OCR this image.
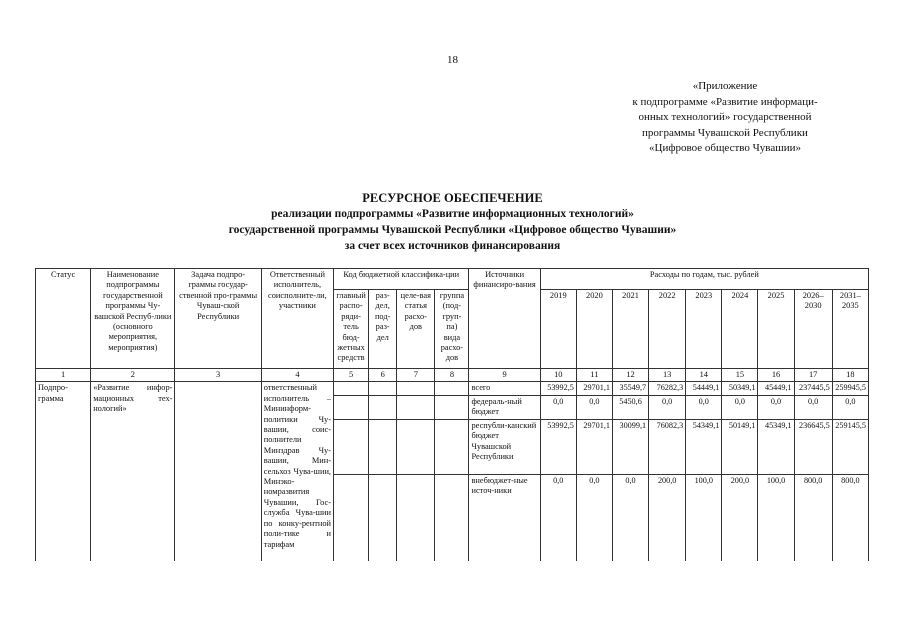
18
«Приложение
к подпрограмме «Развитие информаци-
онных технологий» государственной
программы Чувашской Республики
«Цифровое общество Чувашии»
РЕСУРСНОЕ ОБЕСПЕЧЕНИЕ
реализации подпрограммы «Развитие информационных технологий»
государственной программы Чувашской Республики «Цифровое общество Чувашии»
за счет всех источников финансирования
Статус	Наименование подпрограммы государственной программы Чу-вашской Респуб-лики (основного мероприятия, мероприятия)	Задача подпро-граммы государ-ственной про-граммы Чуваш-ской Республики	Ответственный исполнитель, соисполните-ли, участники	Код бюджетной классифика-ции				Источники финансиро-вания	Расходы по годам, тыс. рублей								
				главный распо-ряди-тель бюд-жетных средств	раз-дел, под-раз-дел	целе-вая статья расхо-дов	группа (под-груп-па) вида расхо-дов		2019	2020	2021	2022	2023	2024	2025	2026–2030	2031–2035
1	2	3	4	5	6	7	8	9	10	11	12	13	14	15	16	17	18
Подпро-грамма	«Развитие инфор-мационных тех-нологий»		ответственный исполнитель – Мининформ-политики Чу-вашии, соис-полнители Минздрав Чу-вашии, Мин-сельхоз Чува-шии, Минэко-номразвития Чувашии, Гос-служба Чува-шии по конку-рентной поли-тике и тарифам					всего	53992,5	29701,1	35549,7	76282,3	54449,1	50349,1	45449,1	237445,5	259945,5
								федераль-ный бюджет	0,0	0,0	5450,6	0,0	0,0	0,0	0,0	0,0	0,0
								республи-канский бюджет Чувашской Республики	53992,5	29701,1	30099,1	76082,3	54349,1	50149,1	45349,1	236645,5	259145,5
								внебюджет-ные источ-ники	0,0	0,0	0,0	200,0	100,0	200,0	100,0	800,0	800,0
